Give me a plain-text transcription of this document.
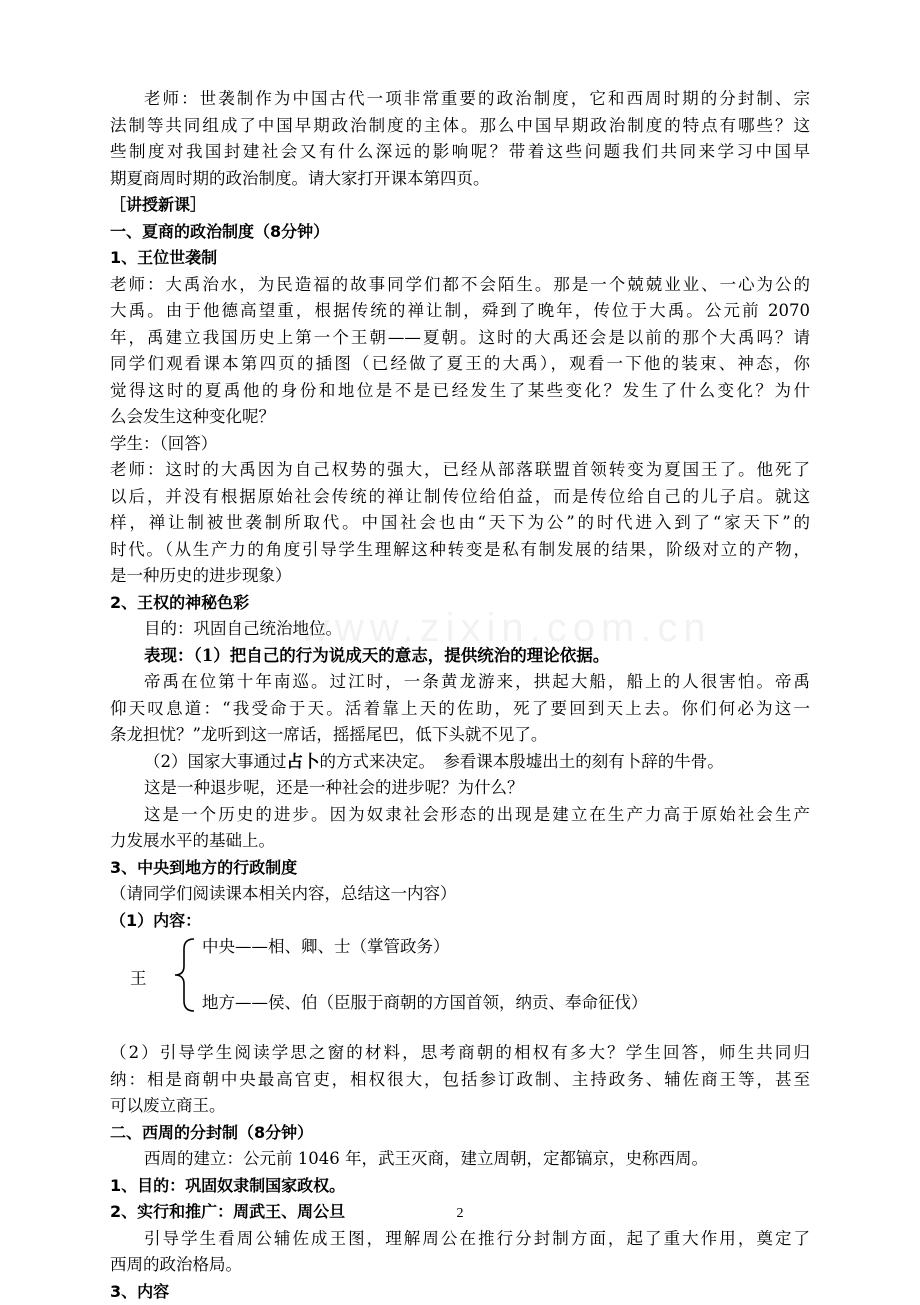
www.zixin.com.cn
老师：世袭制作为中国古代一项非常重要的政治制度，它和西周时期的分封制、宗
法制等共同组成了中国早期政治制度的主体。那么中国早期政治制度的特点有哪些？这
些制度对我国封建社会又有什么深远的影响呢？带着这些问题我们共同来学习中国早
期夏商周时期的政治制度。请大家打开课本第四页。
［讲授新课］
一、夏商的政治制度（8分钟）
1、王位世袭制
老师：大禹治水，为民造福的故事同学们都不会陌生。那是一个兢兢业业、一心为公的
大禹。由于他德高望重，根据传统的禅让制，舜到了晚年，传位于大禹。公元前 2070
年，禹建立我国历史上第一个王朝——夏朝。这时的大禹还会是以前的那个大禹吗？请
同学们观看课本第四页的插图（已经做了夏王的大禹），观看一下他的装束、神态，你
觉得这时的夏禹他的身份和地位是不是已经发生了某些变化？发生了什么变化？为什
么会发生这种变化呢？
学生：（回答）
老师：这时的大禹因为自己权势的强大，已经从部落联盟首领转变为夏国王了。他死了
以后，并没有根据原始社会传统的禅让制传位给伯益，而是传位给自己的儿子启。就这
样，禅让制被世袭制所取代。中国社会也由“天下为公”的时代进入到了“家天下”的
时代。（从生产力的角度引导学生理解这种转变是私有制发展的结果，阶级对立的产物，
是一种历史的进步现象）
2、王权的神秘色彩
目的：巩固自己统治地位。
表现：（1）把自己的行为说成天的意志，提供统治的理论依据。
帝禹在位第十年南巡。过江时，一条黄龙游来，拱起大船，船上的人很害怕。帝禹
仰天叹息道：“我受命于天。活着靠上天的佐助，死了要回到天上去。你们何必为这一
条龙担忧？”龙听到这一席话，摇摇尾巴，低下头就不见了。
（2）国家大事通过占卜的方式来决定。　参看课本殷墟出土的刻有卜辞的牛骨。
这是一种退步呢，还是一种社会的进步呢？为什么？
这是一个历史的进步。因为奴隶社会形态的出现是建立在生产力高于原始社会生产
力发展水平的基础上。
3、中央到地方的行政制度
（请同学们阅读课本相关内容，总结这一内容）
（1）内容：
王
中央——相、卿、士（掌管政务）
地方——侯、伯（臣服于商朝的方国首领，纳贡、奉命征伐）
（2）引导学生阅读学思之窗的材料，思考商朝的相权有多大？学生回答，师生共同归
纳：相是商朝中央最高官吏，相权很大，包括参订政制、主持政务、辅佐商王等，甚至
可以废立商王。
二、西周的分封制（8分钟）
西周的建立：公元前 1046 年，武王灭商，建立周朝，定都镐京，史称西周。
1、目的：巩固奴隶制国家政权。
2、实行和推广：周武王、周公旦
引导学生看周公辅佐成王图，理解周公在推行分封制方面，起了重大作用，奠定了
西周的政治格局。
3、内容
2
